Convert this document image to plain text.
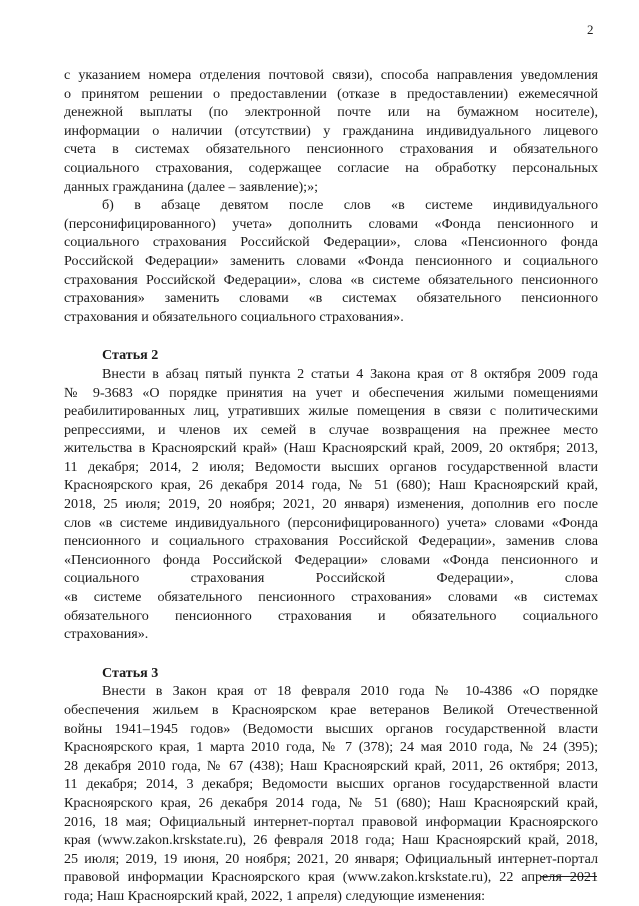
2
с указанием номера отделения почтовой связи), способа направления уведомления
о принятом решении о предоставлении (отказе в предоставлении) ежемесячной
денежной выплаты (по электронной почте или на бумажном носителе),
информации о наличии (отсутствии) у гражданина индивидуального лицевого
счета в системах обязательного пенсионного страхования и обязательного
социального страхования, содержащее согласие на обработку персональных
данных гражданина (далее – заявление);»;
б) в абзаце девятом после слов «в системе индивидуального
(персонифицированного) учета» дополнить словами «Фонда пенсионного и
социального страхования Российской Федерации», слова «Пенсионного фонда
Российской Федерации» заменить словами «Фонда пенсионного и социального
страхования Российской Федерации», слова «в системе обязательного пенсионного
страхования» заменить словами «в системах обязательного пенсионного
страхования и обязательного социального страхования».
Статья 2
Внести в абзац пятый пункта 2 статьи 4 Закона края от 8 октября 2009 года
№ 9-3683 «О порядке принятия на учет и обеспечения жилыми помещениями
реабилитированных лиц, утративших жилые помещения в связи с политическими
репрессиями, и членов их семей в случае возвращения на прежнее место
жительства в Красноярский край» (Наш Красноярский край, 2009, 20 октября; 2013,
11 декабря; 2014, 2 июля; Ведомости высших органов государственной власти
Красноярского края, 26 декабря 2014 года, № 51 (680); Наш Красноярский край,
2018, 25 июля; 2019, 20 ноября; 2021, 20 января) изменения, дополнив его после
слов «в системе индивидуального (персонифицированного) учета» словами «Фонда
пенсионного и социального страхования Российской Федерации», заменив слова
«Пенсионного фонда Российской Федерации» словами «Фонда пенсионного и
социального страхования Российской Федерации», слова
«в системе обязательного пенсионного страхования» словами «в системах
обязательного пенсионного страхования и обязательного социального
страхования».
Статья 3
Внести в Закон края от 18 февраля 2010 года № 10-4386 «О порядке
обеспечения жильем в Красноярском крае ветеранов Великой Отечественной
войны 1941–1945 годов» (Ведомости высших органов государственной власти
Красноярского края, 1 марта 2010 года, № 7 (378); 24 мая 2010 года, № 24 (395);
28 декабря 2010 года, № 67 (438); Наш Красноярский край, 2011, 26 октября; 2013,
11 декабря; 2014, 3 декабря; Ведомости высших органов государственной власти
Красноярского края, 26 декабря 2014 года, № 51 (680); Наш Красноярский край,
2016, 18 мая; Официальный интернет-портал правовой информации Красноярского
края (www.zakon.krskstate.ru), 26 февраля 2018 года; Наш Красноярский край, 2018,
25 июля; 2019, 19 июня, 20 ноября; 2021, 20 января; Официальный интернет-портал
правовой информации Красноярского края (www.zakon.krskstate.ru), 22 апреля 2021
года; Наш Красноярский край, 2022, 1 апреля) следующие изменения:
